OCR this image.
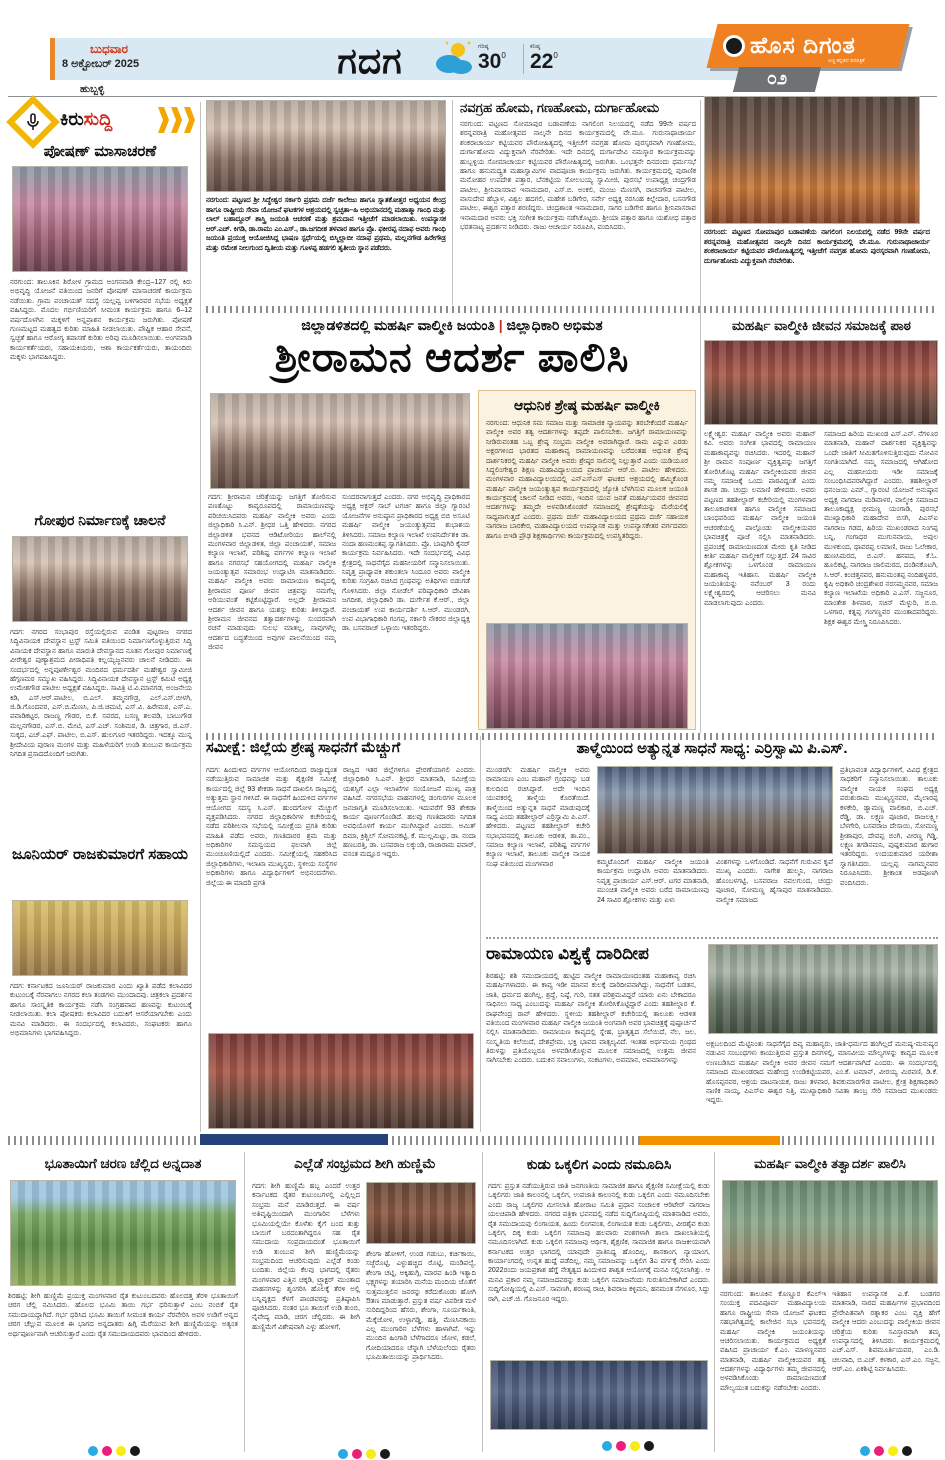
ಬುಧವಾರ
8 ಅಕ್ಟೋಬರ್ 2025
ಹುಬ್ಬಳ್ಳಿ
ಗದಗ	ಗರಿಷ್ಠ
$30^0$
ಕನಿಷ್ಠ
$22^0$	ಹೊಸ ದಿಗಂತ
ಅಚ್ಚ ಕನ್ನಡದ ದಿನಪತ್ರಿಕೆ
೦೨
ಕಿರುಸುದ್ದಿ
ಪೋಷಣ್ ಮಾಸಾಚರಣೆ
ನರಗುಂದ: ತಾಲೂಕಿನ ಶಿರೋಳ ಗ್ರಾಮದ ಅಂಗನವಾಡಿ ಕೇಂದ್ರ–127 ರಲ್ಲಿ ಕಿರು ಅಭಿವೃದ್ಧಿ ಯೋಜನೆ ವತಿಯಿಂದ ಜನರಿಗೆ ಪೋಷಣ್ ಮಾಸಾಚರಣೆ ಕಾರ್ಯಕ್ರಮ ನಡೆಯಿತು. ಗ್ರಾಮ ಪಂಚಾಯತ್ ಸದಸ್ಯೆ ಯಲ್ಲವ್ವ ಬಳಿಗಾರವರ ಸಭೆಯ ಅಧ್ಯಕ್ಷತೆ ವಹಿಸಿದ್ದರು. ಮೊದಲ ಗರ್ಭಿಣಿಯರಿಗೆ ಸೀಮಂತ ಕಾರ್ಯಕ್ರಮ ಹಾಗೂ 6–12 ವರ್ಷದೊಳಗಿನ ಮಕ್ಕಳಿಗೆ ಅನ್ನಪ್ರಾಶನ ಕಾರ್ಯಕ್ರಮ ಜರುಗಿತು. ಪೋಷಣೆ ಗುಣಮಟ್ಟದ ಮಹತ್ವದ ಕುರಿತು ಮಾಹಿತಿ ನೀಡಲಾಯಿತು. ಪೌಷ್ಟಿಕ ಆಹಾರ ಸೇವನೆ, ಸ್ವಚ್ಛತೆ ಹಾಗೂ ಆರೋಗ್ಯ ತಪಾಸಣೆ ಕುರಿತು ಅರಿವು ಮೂಡಿಸಲಾಯಿತು. ಅಂಗನವಾಡಿ ಕಾರ್ಯಕರ್ತೆಯರು, ಸಹಾಯಕಿಯರು, ಆಶಾ ಕಾರ್ಯಕರ್ತೆಯರು, ತಾಯಂದಿರು ಮಕ್ಕಳು ಭಾಗವಹಿಸಿದ್ದರು.
ಗೋಪುರ ನಿರ್ಮಾಣಕ್ಕೆ ಚಾಲನೆ
ಗದಗ: ನಗರದ ಸಂಭಾಪುರ ರಸ್ತೆಯಲ್ಲಿರುವ ಪಂಡಿತ ಪುಟ್ಟರಾಜ ನಗರದ ಸಿದ್ಧಿವಿನಾಯಕ ದೇವಸ್ಥಾನ ಟ್ರಸ್ಟ್ ಸಮಿತಿ ವತಿಯಿಂದ ನಿರ್ಮಾಣಗೊಳ್ಳುತ್ತಿರುವ ಸಿದ್ಧಿ ವಿನಾಯಕ ದೇವಸ್ಥಾನ ಹಾಗೂ ಮಾರುತಿ ದೇವಸ್ಥಾನದ ನೂತನ ಗೋಪುರ ನಿರ್ಮಾಣಕ್ಕೆ ವೀರೇಶ್ವರ ಪುಣ್ಯಾಶ್ರಮದ ಪೀಠಾಧಿಪತಿ ಕಲ್ಲಯ್ಯಜ್ಜನವರು ಚಾಲನೆ ನೀಡಿದರು. ಈ ಸಂದರ್ಭದಲ್ಲಿ ಅನ್ನಪೂರ್ಣೇಶ್ವರ ಮಂದಿರದ ಧರ್ಮದರ್ಶಿ ಮಹೇಶ್ವರ ಸ್ವಾಮೀಜಿ ಹೆಗ್ಗಣಮಠ ಸಮ್ಮುಖ ವಹಿಸಿದ್ದರು. ಸಿದ್ಧಿವಿನಾಯಕ ದೇವಸ್ಥಾನ ಟ್ರಸ್ಟ್ ಕಮಿಟಿ ಅಧ್ಯಕ್ಷ ಉಮೇಶಗೌಡ ಪಾಟೀಲ ಅಧ್ಯಕ್ಷತೆ ವಹಿಸಿದ್ದರು. ಸಾವಿತ್ರಿ ಟಿ.ವಿ.ಮಾನಗಡ, ಅಂಜನೇಯ ಕಿಡಿ, ಎಸ್.ಆರ್.ಪಾಟೀಲ, ಬಿ.ಎಲ್. ತಮ್ಮನಗೌಡ್ರ, ಎಲ್.ಎಸ್.ಬೀಳಗಿ, ಜಿ.ಡಿ.ಗೊಂದವರ, ಎಸ್.ಬಿ.ಮೆಣಸಿ, ಪಿ.ಜಿ.ಚಿಮಟಿ, ಎಸ್.ವಿ. ಹಿರೇಮಠ, ಎಸ್.ಎ. ಪವಾಡಿಕಟ್ಟರ, ರಾಜಣ್ಣ ಗೌಡರ, ಬಿ.ಕೆ. ಸವರದ, ಬಸಣ್ಣ ಶಲವಡಿ, ಬಾಬುಗೌಡ ಮಲ್ಲನಗೌಡರ, ಎಸ್.ಬಿ. ಮೇಟಿ, ಎಸ್.ಎಚ್. ಸಂಶಿಮಠ, ಡಿ. ಚಿತ್ರಗಾರ, ಜಿ.ಎಸ್. ಸುಕ್ಕದ, ಎಚ್.ಎಫ್. ಪಾಟೀಲ, ಬಿ.ಎಸ್. ಹುಲಗೂರ ಇತರರಿದ್ದರು. ಇದಕ್ಕೂ ಮುನ್ನ ಶ್ರೀದೇವಿಯ ಪುರಾಣ ಮಂಗಳ ಮತ್ತು ಮಹಿಳೆಯರಿಗೆ ಉಂಡಿ ತುಂಬುವ ಕಾರ್ಯಕ್ರಮ ನಿಗದಿತ ಪ್ರಸಾದದೊಂದಿಗೆ ಜರುಗಿತು.
ಜೂನಿಯರ್ ರಾಜಕುಮಾರಗೆ ಸಹಾಯ
ಗದಗ: ಕರ್ನಾಟಕದ ಜೂನಿಯರ್ ರಾಜಕುಮಾರ ಎಂದು ಖ್ಯಾತಿ ಪಡೆದ ಕಲಾವಿದರ ಕುಟುಂಬಕ್ಕೆ ನೆರವಾಗಲು ನಗರದ ಕಲಾ ತಂಡಗಳು ಮುಂದಾದವು. ಚಿತ್ರಕಲಾ ಪ್ರದರ್ಶನ ಹಾಗೂ ಸಾಂಸ್ಕೃತಿಕ ಕಾರ್ಯಕ್ರಮ ನಡೆಸಿ ಸಂಗ್ರಹವಾದ ಹಣವನ್ನು ಕುಟುಂಬಕ್ಕೆ ನೀಡಲಾಯಿತು. ಕಲಾ ಪೋಷಕರು ಕಲಾವಿದರ ಬದುಕಿಗೆ ಆಸರೆಯಾಗಬೇಕು ಎಂದು ಮನವಿ ಮಾಡಿದರು. ಈ ಸಂದರ್ಭದಲ್ಲಿ ಕಲಾವಿದರು, ಸಂಘಟಕರು ಹಾಗೂ ಅಭಿಮಾನಿಗಳು ಭಾಗವಹಿಸಿದ್ದರು.
ನರಗುಂದ: ಪಟ್ಟಣದ ಶ್ರೀ ಸಿದ್ಧೇಶ್ವರ ಸರ್ಕಾರಿ ಪ್ರಥಮ ದರ್ಜೆ ಕಾಲೇಜು ಹಾಗೂ ಸ್ನಾತಕೋತ್ತರ ಅಧ್ಯಯನ ಕೇಂದ್ರ ಹಾಗೂ ರಾಷ್ಟ್ರೀಯ ಸೇವಾ ಯೋಜನೆ ಘಟಕಗಳ ಆಶ್ರಯದಲ್ಲಿ ಸ್ವಚ್ಛತಾ–ಹಿ ಅಭಿಯಾನದಲ್ಲಿ ಮಹಾತ್ಮಾ ಗಾಂಧಿ ಮತ್ತು ಲಾಲ್ ಬಹಾದ್ದೂರ್ ಶಾಸ್ತ್ರಿ ಜಯಂತಿ ಆಚರಣೆ ಮತ್ತು ಶ್ರಮದಾನ ಇತ್ತೀಚೆಗೆ ಮಾಡಲಾಯಿತು. ಉಪನ್ಯಾಸಕ ಆರ್.ಎಚ್. ಕಿಗಡಿ, ಡಾ.ರಾಮು ಎಂ.ಎಸ್., ಡಾ.ಜಗದೀಶ ತಳವಾರ ಹಾಗೂ ಪ್ರೊ. ಫಕೀರಪ್ಪ ನದಾಫ ಅವರು ಗಾಂಧಿ ಜಯಂತಿ ಪ್ರಯುಕ್ತ ಆಯೋಜಿಸಿದ್ದ ಭಾಷಣ ಸ್ಪರ್ಧೆಯಲ್ಲಿ ಬಿಸ್ಮಿಲ್ಲಾಬೀ ನದಾಫ ಪ್ರಥಮ, ಮಲ್ಲನಗೌಡ ಹಿರೇಗೌಡ್ರ ಮತ್ತು ರಮೇಶ ನೀಲಗುಂದ ದ್ವಿತೀಯ ಮತ್ತು ಗೂಳಪ್ಪ ಹಡಗಲಿ ತೃತೀಯ ಸ್ಥಾನ ಪಡೆದರು.
ನವಗ್ರಹ ಹೋಮ, ಗಣಹೋಮ, ದುರ್ಗಾಹೋಮ
ನರಗುಂದ: ಪಟ್ಟಣದ ಸೋಮಾಪುರ ಬಡಾವಣೆಯ ನಾಗಲಿಂಗ ನಿಲಯದಲ್ಲಿ ನಡೆದ 99ನೇ ವರ್ಷದ ಶರನ್ನವರಾತ್ರಿ ಮಹೋತ್ಸವದ ನಾಲ್ಕನೇ ದಿನದ ಕಾರ್ಯಕ್ರಮದಲ್ಲಿ ವೇ.ಮೂ. ಗುರುನಾಥಾಚಾರ್ಯ ಶಂಕರಾಚಾರ್ಯ ಕಟ್ಟಿಯವರ ಪೌರೋಹಿತ್ಯದಲ್ಲಿ ಇತ್ತೀಚೆಗೆ ನವಗ್ರಹ ಹೋಮ ಪುರಸ್ಕರವಾಗಿ ಗಣಹೋಮ, ದುರ್ಗಾಹೋಮ ವಿದ್ಯುಕ್ತವಾಗಿ ನೆರವೇರಿತು. ಇದೇ ದಿನದಲ್ಲಿ ದುರ್ಗಾದೇವಿ ನಮಸ್ಕಾರ ಕಾರ್ಯಕ್ರಮವನ್ನು ಹುಬ್ಬಳ್ಳಿಯ ಸೋಮಾಚಾರ್ಯ ಕಟ್ಟಿಯವರ ಪೌರೋಹಿತ್ಯದಲ್ಲಿ ಜರುಗಿತು. ಒಂಭತ್ತನೇ ದಿನದಂದು ಧರ್ಮಸಭೆ ಹಾಗೂ ಹನುಮದ್ವ್ರತ ಮಹಾಸ್ವಾಮಿಗಳ ವಾದಪೂಜಾ ಕಾರ್ಯಕ್ರಮ ಜರುಗಿತು. ಕಾರ್ಯಕ್ರಮದಲ್ಲಿ ಪುರಾಣಿಕ ಮನೋಹರ ಉಪದೇಶ ಪತ್ತಾರ, ಬೆನಕಟ್ಟಿಯ ಸೋಲಬಯ್ಯ ಸ್ವಾಮೀಜಿ, ಪುರಸಭೆ ಉಪಾಧ್ಯಕ್ಷ ಚಂದ್ರಗೌಡ ಪಾಟೀಲ, ಶ್ರೀನಿವಾಸರಾವ ಇನಾಮದಾರ, ಎಸ್.ಬಿ. ಅಂಕಲಿ, ಮಂಜು ಮೆಣಸಗಿ, ರಾಚನಗೌಡ ಪಾಟೀಲ, ವಾಸುದೇವ ಹೆಬ್ಬಾಳ, ವಿಶ್ವಲ ಹದಗಲಿ, ಮಹೇಶ ಬಡಿಗೇರ, ಸರ್ವೇ ಅಧ್ಯಕ್ಷ ನರಸಿಂಹ ಕಿಲ್ಲೇದಾರ, ಬಸನಗೌಡ ಪಾಟೀಲ, ಈಶ್ವರ ಪತ್ತಾರ ಶರಣಿದ್ದರು. ಚಂದ್ರಶಾಂತ ಇನಾಮದಾರ, ಸಾಗರ ಬಡಿಗೇರ ಹಾಗೂ ಶ್ರೀನಿವಾಸರಾವ ಇನಾಮದಾರ ಅವರು ಭಕ್ತಿ ಸಂಗೀತ ಕಾರ್ಯಕ್ರಮ ನಡೆಸಿಕೊಟ್ಟರು. ಶ್ರೀಯಾ ಪತ್ತಾರ ಹಾಗೂ ಯಶೋಧ ಪತ್ತಾರ ಭರತನಾಟ್ಯ ಪ್ರದರ್ಶನ ನೀಡಿದರು. ರಾಜು ಆಚಾರ್ಯ ನಿರೂಪಿಸಿ, ವಂದಿಸಿದರು.
ನರಗುಂದ: ಪಟ್ಟಣದ ಸೋಮಾಪುರ ಬಡಾವಣೆಯ ನಾಗಲಿಂಗ ನಿಲಯದಲ್ಲಿ ನಡೆದ 99ನೇ ವರ್ಷದ ಶರನ್ನವರಾತ್ರಿ ಮಹೋತ್ಸವದ ನಾಲ್ಕನೇ ದಿನದ ಕಾರ್ಯಕ್ರಮದಲ್ಲಿ ವೇ.ಮೂ. ಗುರುನಾಥಾಚಾರ್ಯ ಶಂಕರಾಚಾರ್ಯ ಕಟ್ಟಿಯವರ ಪೌರೋಹಿತ್ಯದಲ್ಲಿ ಇತ್ತೀಚೆಗೆ ನವಗ್ರಹ ಹೋಮ ಪುರಸ್ಕರವಾಗಿ ಗಣಹೋಮ, ದುರ್ಗಾಹೋಮ ವಿದ್ಯುಕ್ತವಾಗಿ ನೆರವೇರಿತು.
ಜಿಲ್ಲಾಡಳಿತದಲ್ಲಿ ಮಹರ್ಷಿ ವಾಲ್ಮೀಕಿ ಜಯಂತಿ | ಜಿಲ್ಲಾಧಿಕಾರಿ ಅಭಿಮತ
ಶ್ರೀರಾಮನ ಆದರ್ಶ ಪಾಲಿಸಿ
ಗದಗ: ಶ್ರೀರಾಮನ ಚರಿತ್ರೆಯನ್ನು ಜಗತ್ತಿಗೆ ತೋರಿಸುವ ಪಣತೊಟ್ಟು ಕಾವ್ಯರೂಪದಲ್ಲಿ ರಾಮಾಯಣವನ್ನು ಪರಿಚಯಿಸಿದವರು ಮಹರ್ಷಿ ವಾಲ್ಮೀಕಿ ಅವರು ಎಂದು ಜಿಲ್ಲಾಧಿಕಾರಿ ಸಿ.ಎನ್. ಶ್ರೀಧರ ಒತ್ತಿ ಹೇಳಿದರು. ನಗರದ ಜಿಲ್ಲಾಡಳಿತ ಭವನದ ಆಡಿಟೋರಿಯಂ ಹಾಲ್‌ನಲ್ಲಿ ಮಂಗಳವಾರ ಜಿಲ್ಲಾಡಳಿತ, ಜಿಲ್ಲಾ ಪಂಚಾಯತ್, ಸಮಾಜ ಕಲ್ಯಾಣ ಇಲಾಖೆ, ಪರಿಶಿಷ್ಟ ವರ್ಗಗಳ ಕಲ್ಯಾಣ ಇಲಾಖೆ ಹಾಗೂ ನಗರಸಭೆ ಸಹಯೋಗದಲ್ಲಿ ಮಹರ್ಷಿ ವಾಲ್ಮೀಕಿ ಜಯಂತ್ಯುತ್ಸವ ಸಮಾರಂಭ ಉದ್ಘಾಟಿಸಿ ಮಾತನಾಡಿದರು. ಮಹರ್ಷಿ ವಾಲ್ಮೀಕಿ ಅವರು ರಾಮಾಯಣ ಕಾವ್ಯದಲ್ಲಿ ಶ್ರೀರಾಮನ ಪೂರ್ಣ ಜೀವನ ಚಿತ್ರವನ್ನು ನಮಗೆಲ್ಲ ಅರಿಯುವಂತೆ ಕಟ್ಟಿಕೊಟ್ಟಿದ್ದಾರೆ. ಅಲ್ಲದೇ ಶ್ರೀರಾಮನ ಆದರ್ಶ ಜೀವನ ಹಾಗೂ ಯಶಸ್ಸು ಕುರಿತು ತಿಳಿಸಿದ್ದಾರೆ. ಶ್ರೀರಾಮನ ಜೀವನದ ತತ್ವಾದರ್ಶಗಳನ್ನು ಸುಂದರವಾಗಿ ರಚನೆ ಮಾಡುವುದು ಸುಲಭ ಮಾತಲ್ಲ, ನಾವುಗಳೆಲ್ಲ ಆದರ್ಶದ ಬದ್ಧತೆಯಿಂದ ಅವುಗಳ ಪಾಲನೆಯಿಂದ ನಮ್ಮ ಜೀವನ
ಸುಂದರವಾಗುತ್ತದೆ ಎಂದರು. ನಗರ ಅಭಿವೃದ್ಧಿ ಪ್ರಾಧಿಕಾರದ ಅಧ್ಯಕ್ಷ ಅಕ್ಬರ್ ಸಾಬ್ ಟಗರ್ಚಿ ಹಾಗೂ ಜಿಲ್ಲಾ ಗ್ಯಾರಂಟಿ ಯೋಜನೆಗಳ ಅನುಷ್ಠಾನ ಪ್ರಾಧಿಕಾರದ ಅಧ್ಯಕ್ಷ ಬಿಬಿ ಅಸೂಟಿ ಮಹರ್ಷಿ ವಾಲ್ಮೀಕಿ ಜಯಂತ್ಯುತ್ಸವದ ಶುಭಾಶಯ ತಿಳಿಸಿದರು. ಸಮಾಜ ಕಲ್ಯಾಣ ಇಲಾಖೆ ಉಪನಿರ್ದೇಶಕಿ ಡಾ. ನಂದಾ ಹಣಮಂತಪ್ಪ ಸ್ವಾಗತಿಸಿದರು. ಪ್ರೊ. ಬಾಪುಗಿರಿ ಕೈನರ್ ಕಾರ್ಯಕ್ರಮ ನಿರ್ವಹಿಸಿದರು. ಇದೇ ಸಂದರ್ಭದಲ್ಲಿ ವಿವಿಧ ಕ್ಷೇತ್ರದಲ್ಲಿ ಸಾಧನೆಗೈದ ಮಹನೀಯರಿಗೆ ಸನ್ಮಾನಿಸಲಾಯಿತು. ನಿವೃತ್ತ ಪ್ರಾಧ್ಯಾಪಕಿ ಶಕುಂತಲಾ ಸಿಂದೂರ ಅವರು ವಾಲ್ಮೀಕಿ ಕುರಿತು ಸಂಗ್ರಹಿಸಿ ರಚಿಸಿದ ಗ್ರಂಥವನ್ನು ಅತಿಥಿಗಳು ಬಿಡುಗಡೆ ಗೊಳಿಸಿದರು. ಜಿಲ್ಲಾ ನೋಡೆಲ್ ಪರಿಷ್ಕಾಧಿಕಾರಿ ದೇವಿಶಾ ಜಗದೀಶ, ಜಿಲ್ಲಾಧಿಕಾರಿ ಡಾ. ದುರ್ಗೇಶ ಕೆ.ಆರ್., ಜಿಲ್ಲಾ ಪಂಚಾಯತ್ ಉಪ ಕಾರ್ಯದರ್ಶಿ ಸಿ.ಆರ್. ಮುಂಡರಗಿ, ಉಪ ವಿಭಾಗಾಧಿಕಾರಿ ಗಂಗಪ್ಪ, ಸರ್ಕಾರಿ ನೌಕರರ ಜಿಲ್ಲಾಧ್ಯಕ್ಷ ಡಾ. ಬಸವರಾಜ್ ಒಳ್ಳಾಯಿ ಇತರರಿದ್ದರು.
ಆಧುನಿಕ ಶ್ರೇಷ್ಠ ಮಹರ್ಷಿ ವಾಲ್ಮೀಕಿ
ನರಗುಂದ: ಆಧುನಿಕ ಸಮ ಸಮಾಜ ಮತ್ತು ಸಾಮಾಜಿಕ ನ್ಯಾಯವನ್ನು ತರಬೇಕೆಂದರೆ ಮಹರ್ಷಿ ವಾಲ್ಮೀಕಿ ಅವರ ತತ್ವ ಆದರ್ಶಗಳನ್ನು ತಪ್ಪದೇ ಪಾಲಿಸಬೇಕು. ಜಗತ್ತಿಗೆ ರಾಮಾಯಣವನ್ನು ನೀಡಿರುವಂತಹ ಒಬ್ಬ ಶ್ರೇಷ್ಠ ಸಂಭ್ರಮ ವಾಲ್ಮೀಕಿ ಅವರಾಗಿದ್ದಾರೆ. ರಾಮ ಎನ್ನುವ ಎರಡು ಅಕ್ಷರಗಳಿಂದ ಭಾರತದ ಮಹಾಕಾವ್ಯ ರಾಮಾಯಣವನ್ನು ಬರೆದಂತಹ ಆಧುನಿಕ ಶ್ರೇಷ್ಠ ದಾರ್ಶನಿಕರಲ್ಲಿ ಮಹರ್ಷಿ ವಾಲ್ಮೀಕಿ ಅವರು ಶ್ರೇಷ್ಠರ ಸಾಲಿನಲ್ಲಿ ನಿಲ್ಲುತ್ತಾರೆ ಎಂದು ಯಡಿಯೂರ ಸಿದ್ಧಲಿಂಗೇಶ್ವರ ಶಿಕ್ಷಣ ಮಹಾವಿದ್ಯಾಲಯದ ಪ್ರಾಚಾರ್ಯ ಆರ್.ಬಿ. ಪಾಟೀಲ ಹೇಳಿದರು. ಮಂಗಳವಾರ ಮಹಾವಿದ್ಯಾಲಯದಲ್ಲಿ ಎನ್‌ಎಸ್‌ಎಸ್ ಘಟಕದ ಆಶ್ರಯದಲ್ಲಿ ಹಮ್ಮಿಕೊಂಡ ಮಹರ್ಷಿ ವಾಲ್ಮೀಕಿ ಜಯಂತ್ಯುತ್ಸವ ಕಾರ್ಯಕ್ರಮದಲ್ಲಿ ಜ್ಯೋತಿ ಬೆಳಗಿಸುವ ಮೂಲಕ ಜಯಂತಿ ಕಾರ್ಯಕ್ರಮಕ್ಕೆ ಚಾಲನೆ ನೀಡಿದ ಅವರು, ಇಂದಿನ ಯುವ ಜನತೆ ಮಹರ್ಷಿಯವರ ಜೀವನದ ಆದರ್ಶಗಳನ್ನು ತಮ್ಮದೇ ಅಳವಡಿಸಿಕೊಂಡರೆ ಸಮಾಜದಲ್ಲಿ ಶ್ರೇಷ್ಠತೆಯನ್ನು ಮೆರೆಯಲಿಕ್ಕೆ ಸಾಧ್ಯವಾಗುತ್ತದೆ ಎಂದರು. ಪ್ರಥಮ ದರ್ಜೆ ಮಹಾವಿದ್ಯಾಲಯದ ಪ್ರಥಮ ದರ್ಜೆ ಸಹಾಯಕ ನಾಗರಾಜ ಬಾರಕೇರ, ಮಹಾವಿದ್ಯಾಲಯದ ಉಪನ್ಯಾಸಕ ಮತ್ತು ಉಪನ್ಯಾಸಕೇತರ ವರ್ಗದವರು ಹಾಗೂ ಬಿಇಡಿ ಪ್ರೌಢ ಶಿಕ್ಷಣಾರ್ಥಿಗಳು ಕಾರ್ಯಕ್ರಮದಲ್ಲಿ ಉಪಸ್ಥಿತರಿದ್ದರು.
ಮಹರ್ಷಿ ವಾಲ್ಮೀಕಿ ಜೀವನ ಸಮಾಜಕ್ಕೆ ಪಾಠ
ಲಕ್ಷ್ಮೇಶ್ವರ: ಮಹರ್ಷಿ ವಾಲ್ಮೀಕಿ ಅವರು ಮಹಾನ್ ಕವಿ. ಅವರು ಸಂಗೀತ ಭಾವದಲ್ಲಿ ರಾಮಾಯಣ ಮಹಾಕಾವ್ಯವನ್ನು ರಚಿಸಿದರು. ಇದರಲ್ಲಿ ಮಹಾನ್ ಶ್ರೀ ರಾಮನ ಸಂಪೂರ್ಣ ವ್ಯಕ್ತಿತ್ವವನ್ನು ಜಗತ್ತಿಗೆ ತೋರಿಸಿಕೊಟ್ಟ ಮಹರ್ಷಿ ವಾಲ್ಮೀಕಿಯವರ ಜೀವನ ನಮ್ಮ ಸಮಾಜಕ್ಕೆ ಒಂದು ಪಾಠವಿದ್ದಂತೆ ಎಂದು ಶಾಸಕ ಡಾ. ಚಂದ್ರು ಲಮಾಣಿ ಹೇಳಿದರು. ಅವರು ಪಟ್ಟಣದ ತಹಶೀಲ್ದಾರ್ ಕಚೇರಿಯಲ್ಲಿ ಮಂಗಳವಾರ ತಾಲೂಕಾಡಳಿತ ಹಾಗೂ ವಾಲ್ಮೀಕಿ ಸಮಾಜದ ಬಾಂಧವರಿಂದ ಮಹರ್ಷಿ ವಾಲ್ಮೀಕಿ ಜಯಂತಿ ಆಚರಣೆಯಲ್ಲಿ ಪಾಲ್ಗೊಂಡು ವಾಲ್ಮೀಕಿಯವರ ಭಾವಚಿತ್ರಕ್ಕೆ ಪೂಜೆ ಸಲ್ಲಿಸಿ ಮಾತನಾಡಿದರು. ಪ್ರಪಂಚಕ್ಕೆ ರಾಮಾಯಣದಂತ ಮೇರು ಕೃತಿ ನೀಡಿದ ಕೀರ್ತಿ ಮಹರ್ಷಿ ವಾಲ್ಮೀಕಿಗೆ ಸಲ್ಲುತ್ತದೆ. 24 ಸಾವಿರ ಶ್ಲೋಕಗಳನ್ನು ಒಳಗೊಂಡ ರಾಮಾಯಣ ಮಹಾಕಾವ್ಯ ಇತಿಹಾಸ. ಮಹರ್ಷಿ ವಾಲ್ಮೀಕಿ ಜಯಂತಿಯನ್ನು ನವೆಂಬರ್ 3 ರಂದು ಲಕ್ಷ್ಮೇಶ್ವರದಲ್ಲಿ ಆಚರಿಸಲು ಮನವಿ ಮಾಡಲಾಗುವುದು ಎಂದರು.
ಸಮಾಜದ ಹಿರಿಯ ಮುಖಂಡ ಎಸ್.ಎನ್. ನೆಗಳೂರ ಮಾತನಾಡಿ, ಮಹಾನ್ ದಾರ್ಶನಿಕರ ವ್ಯಕ್ತಿತ್ವವನ್ನು ಒಂದೇ ಜಾತಿಗೆ ಸೀಮಿತಗೊಳಿಸುತ್ತಿರುವುದು ನೋವಿನ ಸಂಗತಿಯಾಗಿದೆ. ನಮ್ಮ ಸಮಾಜದಲ್ಲಿ ಆಗಿಹೋದ ಎಲ್ಲ ಮಹನೀಯರು ಇಡೀ ಸಮಾಜಕ್ಕೆ ಸಂಬಂಧಿಸಿದವರಾಗಿದ್ದಾರೆ ಎಂದರು. ತಹಶೀಲ್ದಾರ್ ಧನಂಜಯ ಎಮ್., ಗ್ಯಾರಂಟಿ ಯೋಜನೆ ಅನುಷ್ಠಾನ ಅಧ್ಯಕ್ಷ ನಾಗರಾಜ ಮಡಿವಾಳರ, ವಾಲ್ಮೀಕಿ ಸಮಾಜದ ತಾಲೂಕಾಧ್ಯಕ್ಷ ಭೀಮಣ್ಣ ಯಂಗಾಡಿ, ಪುರಸಭೆ ಮುಖ್ಯಾಧಿಕಾರಿ ಮಹಾದೇವ ಬಿಸಗಿ, ಪಿಎಸ್ಐ ನಾಗರಾಜ ಗಡದ, ಹಿರಿಯ ಮುಖಂಡರಾದ ನಿಂಗಪ್ಪ ಬನ್ನಿ, ಗಂಗಾಧರ ಮುಗುನವಾಯ, ಅಪುಲ ಮುಳಕುಂದ, ಥಾವರಪ್ಪ ಲಮಾಣಿ, ರಾಜು ಓಲೇಕಾರ, ಹುಣಸಿಮರದ, ಬಿ.ಎಸ್. ಹನಪದ, ಕೆ.ಓ. ಹೂಲಿಕಟ್ಟಿ, ನಾಗರಾಜ ಜಾಲಿಮರದ, ದಂಡಿನಕೊಟಗಿ, ಸಿ.ಆರ್. ಕಿಂಚತ್ತನವರ, ಹನುಮಂತಪ್ಪ ನಂದಿಹಳ್ಳವರ, ಕೃಷಿ ಅಧಿಕಾರಿ ಚಂದ್ರಶೇಖರ ನರಸಮ್ಮನವರ, ಸಮಾಜ ಕಲ್ಯಾಣ ಇಲಾಖೆಯ ಅಧಿಕಾರಿ ಎ.ಎಸ್. ಸಜ್ಜನೂರ, ಮಾಂತೇಶ ಶಿಳವಾರ, ಸಚಿನ್ ಮೆಳ್ಳುರಿ, ಬಿ.ಬಿ. ಒಳಗಾರ, ಕತ್ನಪ್ಪ ಗಂಗಣ್ಣವರ ಮುಂತಾದವರಿದ್ದರು. ಶಿಕ್ಷಕ ಈಶ್ವರ ಮೇಸ್ತ್ರಿ ನಿರೂಪಿಸಿದರು.
ಸಮೀಕ್ಷೆ: ಜಿಲ್ಲೆಯ ಶ್ರೇಷ್ಠ ಸಾಧನೆಗೆ ಮೆಚ್ಚುಗೆ
ಗದಗ: ಹಿಂದುಳಿದ ವರ್ಗಗಳ ಆಯೋಗದಿಂದ ರಾಜ್ಯಾದ್ಯಂತ ನಡೆಯುತ್ತಿರುವ ಸಾಮಾಜಿಕ ಮತ್ತು ಶೈಕ್ಷಣಿಕ ಸಮೀಕ್ಷೆ ಕಾರ್ಯದಲ್ಲಿ ಜಿಲ್ಲೆ 93 ಶೇಕಡಾ ಸಾಧನೆ ದಾಖಲಿಸಿ ರಾಜ್ಯದಲ್ಲಿ ಅತ್ಯುತ್ತಮ ಸ್ಥಾನ ಗಳಿಸಿದೆ. ಈ ಸಾಧನೆಗೆ ಹಿಂದುಳಿದ ವರ್ಗಗಳ ಆಯೋಗದ ಸದಸ್ಯ ಸಿ.ಎಸ್. ಹುಂದಗೋಳ ಮೆಚ್ಚುಗೆ ವ್ಯಕ್ತಪಡಿಸಿದರು. ನಗರದ ಜಿಲ್ಲಾಧಿಕಾರಿಗಳ ಕಚೇರಿಯಲ್ಲಿ ನಡೆದ ಪರಿಶೀಲನಾ ಸಭೆಯಲ್ಲಿ ಸಮೀಕ್ಷೆಯ ಪ್ರಗತಿ ಕುರಿತು ಮಾಹಿತಿ ಪಡೆದ ಅವರು, ಗಣತಿದಾರರ ಶ್ರಮ ಮತ್ತು ಅಧಿಕಾರಿಗಳ ಸಮನ್ವಯದ ಫಲವಾಗಿ ಜಿಲ್ಲೆ ಮುಂಚೂಣಿಯಲ್ಲಿದೆ ಎಂದರು. ಸಮೀಕ್ಷೆಯಲ್ಲಿ ಸಹಕರಿಸಿದ ಜಿಲ್ಲಾಧಿಕಾರಿಗಳು, ಇಲಾಖಾ ಮುಖ್ಯಸ್ಥರು, ಸ್ಥಳೀಯ ಸಂಸ್ಥೆಗಳ ಅಧಿಕಾರಿಗಳು ಹಾಗೂ ವಿದ್ಯಾರ್ಥಿಗಳಿಗೆ ಅಭಿನಂದನೆಗಳು. ಜಿಲ್ಲೆಯ ಈ ಮಾದರಿ ಪ್ರಗತಿ
ರಾಜ್ಯದ ಇತರ ಜಿಲ್ಲೆಗಳಿಗೂ ಪ್ರೇರಣೆಯಾಗಲಿ ಎಂದರು. ಜಿಲ್ಲಾಧಿಕಾರಿ ಸಿ.ಎನ್. ಶ್ರೀಧರ ಮಾತನಾಡಿ, ಸಮೀಕ್ಷೆಯ ಯಶಸ್ಸಿಗೆ ಎಲ್ಲಾ ಇಲಾಖೆಗಳ ಸಂಯೋಜನೆ ಮುಖ್ಯ ಪಾತ್ರ ವಹಿಸಿದೆ. ನಗರಸಭೆಯ ವಾಹನಗಳಲ್ಲಿ ಡಂಗುರಗಳ ಮೂಲಕ ಜನಜಾಗೃತಿ ಮೂಡಿಸಲಾಯಿತು. ಇದುವರೆಗೆ 93 ಶೇಕಡಾ ಕಾರ್ಯ ಪೂರ್ಣಗೊಂಡಿದೆ. ಹಲವು ಗಣತಿದಾರರು ನಿಗದಿತ ಅವಧಿಯೊಳಗೆ ಕಾರ್ಯ ಮುಗಿಸಿದ್ದಾರೆ ಎಂದರು. ಅಮಿತ್ ದಿಮಾ, ಕ್ರಿಶ್ಚಿಲ್ ಸೋಮನಕಟ್ಟಿ, ಕೆ. ಮುಲ್ಲಮಿಟ್ಟು, ಡಾ. ನಂದಾ ಹಣಬರತ್ತಿ, ಡಾ. ಬಸವರಾಜ ಲಕ್ಕುಂಡಿ, ರಾಜಾರಾಮ ಪವಾರ್, ವಸಂತ ಮದ್ಲೂರ ಇದ್ದರು.
ತಾಳ್ಮೆಯಿಂದ ಅತ್ಯುನ್ನತ ಸಾಧನೆ ಸಾಧ್ಯ: ಎರ್ರಿಸ್ವಾಮಿ ಪಿ.ಎಸ್.
ಮುಂಡರಗಿ: ಮಹರ್ಷಿ ವಾಲ್ಮೀಕಿ ಅವರು ರಾಮಾಯಣ ಎಂಬ ಮಹಾನ್ ಗ್ರಂಥವನ್ನು ಬಡ ಕುಲದಿಂದ ರಚಿಸಿದ್ದಾರೆ. ಅದೇ ಇಂದಿನ ಯುವಕರಲ್ಲಿ ತಾಳ್ಮೆಯ ಕೊರತೆಯಿದೆ. ತಾಳ್ಮೆಯಿಂದ ಅತ್ಯುನ್ನತ ಸಾಧನೆ ಮಾಡುವುದಕ್ಕೆ ಸಾಧ್ಯ ಎಂದು ತಹಶೀಲ್ದಾರ್ ಎರ್ರಿಸ್ವಾಮಿ ಪಿ.ಎಸ್. ಹೇಳಿದರು. ಪಟ್ಟಣದ ತಹಶೀಲ್ದಾರ್ ಕಚೇರಿ ಸಭಾಭವನದಲ್ಲಿ ತಾಲೂಕು ಆಡಳಿತ, ತಾ.ಪಂ., ಸಮಾಜ ಕಲ್ಯಾಣ ಇಲಾಖೆ, ಪರಿಶಿಷ್ಟ ವರ್ಗಗಳ ಕಲ್ಯಾಣ ಇಲಾಖೆ, ತಾಲೂಕು ವಾಲ್ಮೀಕಿ ನಾಯಕ ಸಂಘ ವತಿಯಿಂದ ಮಂಗಳವಾರ	ಕಮ್ಮಟೊಂದಿಗೆ ಮಹರ್ಷಿ ವಾಲ್ಮೀಕಿ ಜಯಂತಿ ಕಾರ್ಯಕ್ರಮ ಉದ್ಘಾಟಿಸಿ ಅವರು ಮಾತನಾಡಿದರು. ನಿವೃತ್ತ ಪ್ರಾಚಾರ್ಯ ಎಸ್.ಆರ್. ಟಗರ ಮಾತನಾಡಿ, ಮುಂಚಿತ ವಾಲ್ಮೀಕಿ ಅವರು ಬರೆದ ರಾಮಾಯಣವು 24 ಸಾವಿರ ಶ್ಲೋಕಗಳು ಮತ್ತು ಏಳು
ವಿಂಶಗಳನ್ನು ಒಳಗೊಂಡಿದೆ. ಸಾಧನೆಗೆ ಗುರುವಿನ ಕೃಪೆ ಮುಖ್ಯ ಎಂದರು. ನಾಗೇಶ ಹುಲ್ಮನಿ, ನಾಗರಾಜ ಹೊಂಬಳಗಟ್ಟಿ, ಬಸವರಾಜ ನವಲಗುಂದ, ಚಂದ್ರು ಪೂಜಾರ, ಸೋಮಣ್ಣ ಹೈಸಾಪುರ ಮಾತನಾಡಿದರು. ವಾಲ್ಮೀಕಿ ಸಮಾಜದ
ಪ್ರತಿಭಾವಂತ ವಿದ್ಯಾರ್ಥಿಗಳಿಗೆ, ವಿವಿಧ ಕ್ಷೇತ್ರದ ಸಾಧಕರಿಗೆ ಸನ್ಮಾನಿಸಲಾಯಿತು. ತಾಲೂಕು ವಾಲ್ಮೀಕಿ ನಾಯಕ ಸಂಘದ ಅಧ್ಯಕ್ಷ ಪರುಶುರಾಮ ಮುಖ್ಯಸ್ಥನವರ, ಮೈಲಾರಪ್ಪ ಕಳಕೇರಿ, ಡ್ಯಾಮಣ್ಣ ವಾಲಿಕಾರ, ಬಿ.ಎಚ್. ರೆಡ್ಡಿ, ಡಾ. ಲಕ್ಷ್ಮಣ ಪೂಜಾರ, ರಾಜಲಕ್ಷ್ಮೀ ಬೆಳಗೇರಿ, ಬಸವರಾಜ ದೇಸಾಯಿ, ಸೋಮಣ್ಣ ಶ್ರೀಶಾಪುರ, ದೇವಪ್ಪ ಬಿಂಗಿ, ವೀರಣ್ಣ ಗಿಡ್ಡಿ, ಲಕ್ಷ್ಮಣ ತಗಡಿನಮನಿ, ಪುಷ್ಪಕುಮಾರ ಹುಗಾರ ಇತರರಿದ್ದರು. ಉದಯಕುಮಾರ ಯರೀಶಾ ಸ್ವಾಗತಿಸಿದರು. ಯಲ್ಲಪ್ಪ ನಾಗಮ್ಮನವರ ನಿರೂಪಿಸಿದರು. ಶ್ರೀಕಾಂತ ಅಡಪೂಣಗಿ ವಂದಿಸಿದರು.
ರಾಮಾಯಣ ವಿಶ್ವಕ್ಕೆ ದಾರಿದೀಪ
ಶಿರಹಟ್ಟಿ: ಶಶಿ ಸಮುದಾಯದಲ್ಲಿ ಹುಟ್ಟಿದ ವಾಲ್ಮೀಕಿ ರಾಮಾಯಣದಂತಹ ಮಹಾಕಾವ್ಯ ರಚಿಸಿ ಮಹರ್ಷಿಗಳಾದರು. ಈ ಕಾವ್ಯ ಇಡೀ ಮಾನವ ಕುಲಕ್ಕೆ ದಾರಿದೀಪವಾಗಿದ್ದು, ಸಾಧನೆಗೆ ಬಡತನ, ಜಾತಿ, ಧರ್ಮದ ಹಂಗಿಲ್ಲ, ಶ್ರದ್ಧೆ, ನಿಷ್ಠೆ, ಗುರಿ, ಸತತ ಪರಿಶ್ರಮವಿದ್ದರೆ ಯಾರು ಏನು ಬೇಕಾದರೂ ಸಾಧಿಸಲು ಸಾಧ್ಯ ಎಂಬುದನ್ನು ಮಹರ್ಷಿ ವಾಲ್ಮೀಕಿ ತೋರಿಸಿಕೊಟ್ಟಿದ್ದಾರೆ ಎಂದು ತಹಶೀಲ್ದಾರ ಕೆ. ರಾಘವೇಂದ್ರ ರಾವ್ ಹೇಳಿದರು. ಸ್ಥಳೀಯ ತಹಶೀಲ್ದಾರ್ ಕಚೇರಿಯಲ್ಲಿ ತಾಲೂಕು ಆಡಳಿತ ವತಿಯಿಂದ ಮಂಗಳವಾರ ಮಹರ್ಷಿ ವಾಲ್ಮೀಕಿ ಜಯಂತಿ ಅಂಗವಾಗಿ ಅವರ ಭಾವಚಿತ್ರಕ್ಕೆ ಪುಷ್ಪಾರ್ಚನೆ ಸಲ್ಲಿಸಿ ಮಾತನಾಡಿದರು. ರಾಮಾಯಣ ಕಾವ್ಯದಲ್ಲಿ ಸ್ನೇಹ, ಭ್ರಾತೃತ್ವದ ಸೆಲೆಯಿದೆ, ನೆಲ, ಜಲ, ಸಂಸ್ಕೃತಿಯ ಕಲೆಯಿದೆ, ದೇಶಪ್ರೇಮ, ಭಕ್ತಿ ಭಾವದ ವಾತ್ಸಲ್ಯವಿದೆ. ಇಂತಹ ಅರ್ಥಮಯ ಗ್ರಂಥದ ತಿರುಳನ್ನು ಪ್ರತಿಯೊಬ್ಬರೂ ಅಳವಡಿಸಿಕೊಳ್ಳುವ ಮೂಲಕ ಸಮಾಜದಲ್ಲಿ ಉತ್ತಮ ಜೀವನ ಸಾಗಿಸಬೇಕು ಎಂದರು. ಬದುಕಿನ ಸವಾಲುಗಳು, ಸಂಕಟಗಳು, ಅವಮಾನ, ಅಪಮಾನಗಳನ್ನು
ಅಕ್ಷಬಲದಿಂದ ಮೆಟ್ಟಿನಿಂತು ಸಾಧನೆಗೈದ ದಿವ್ಯ ಮಹಾನ್ಯರು, ಜಾತಿ-ಧರ್ಮದ ಹಂಗಿಲ್ಲದೆ ಮನುಷ್ಯ-ಮನುಷ್ಯರ ನಡುವಿನ ಸಂಬಂಧಗಳು ಕಾಯುತ್ತಿರುವ ಪ್ರಸ್ತುತ ದಿನಗಳಲ್ಲಿ, ಮಾನವೀಯ ಮೌಲ್ಯಗಳನ್ನು ಕಾವ್ಯದ ಮೂಲಕ ಉಣಬಡಿಸಿದ ಮಹರ್ಷಿ ವಾಲ್ಮೀಕಿ ಅವರ ಜೀವನ ನಮಗೆ ಆದರ್ಶವಾಗಿದೆ ಎಂದರು. ಈ ಸಂದರ್ಭದಲ್ಲಿ ಸಮಾಜದ ಮುಖಂಡರಾದ ಮಹೇಂದ್ರ ಉಂಡಿಕಟ್ಟಿಯವರ, ಎಂ.ಕೆ. ಟಮಾನ್, ವೀರಯ್ಯ ಮಿರವಣಿ, ಡಿ.ಕೆ. ಹೊಸಪ್ಪನವರ, ಆಶ್ರಯ ದಾಟನಾಯಕ, ರಾಜು ತಳವಾರ, ಶಿವಕುಮಾರಗೌಡ ಪಾಟೀಲ, ಕ್ಷೇತ್ರ ಶಿಕ್ಷಣಾಧಿಕಾರಿ ನಾಣಿಕ ನಾಯ್ಕ, ಪಿಎಸ್ಐ ಈಶ್ವರ ನಿತ್ತಿ, ಮುಖ್ಯಾಧಿಕಾರಿ ಸವಿತಾ ತಾಂಬ್ರ ಸೇರಿ ಸಮಾಜದ ಮುಖಂಡರು ಇದ್ದರು.
ಭೂತಾಯಿಗೆ ಚರಣ ಚೆಲ್ಲಿದ ಅನ್ನದಾತ
ಶಿರಹಟ್ಟಿ: ಶೀಗಿ ಹುಣ್ಣಿಮೆ ಪ್ರಯುಕ್ತ ಮಂಗಳವಾರ ರೈತ ಕುಟುಂಬದವರು ಹೊಲದತ್ತ ತೆರಳಿ ಭೂತಾಯಿಗೆ ಚರಗ ಚೆಲ್ಲಿ ನಮಿಸಿದರು. ಹೊಲದ ಭೂಮಿ ತಾಯಿ ಗರ್ಭ ಧರಿಸುತ್ತಾಳೆ ಎಂಬ ನಂಬಿಕೆ ರೈತ ಸಮುದಾಯದ್ದಾಗಿದೆ. ಗರ್ಭ ಧರಿಸಿದ ಭೂಮಿ ತಾಯಿಗೆ ಸೀಮಂತ ಕಾರ್ಯ ನೆರವೇರಿಸಿ ಅವಳ ಉಡಿಗೆ ಅನ್ನದ ಚರಗ ಚೆಲ್ಲುವ ಮೂಲಕ ಈ ಭಾಗದ ಅನ್ನದಾತರು ಹಿಗ್ಗಿ ಮೆರೆಯುವ ಶೀಗಿ ಹುಣ್ಣಿಮೆಯನ್ನು ಅತ್ಯಂತ ಅರ್ಥಪೂರ್ಣವಾಗಿ ಆಚರಿಸುತ್ತಾರೆ ಎಂದು ರೈತ ಸಮುದಾಯದವರು ಭಾವದಿಂದ ಹೇಳಿದರು.
ಎಲ್ಲೆಡೆ ಸಂಭ್ರಮದ ಶೀಗಿ ಹುಣ್ಣಿಮೆ
ಗದಗ: ಶೀಗಿ ಹುಣ್ಣಿಮೆ ಹಬ್ಬ ಎಂದರೆ ಉತ್ತರ ಕರ್ನಾಟಕದ ರೈತರ ಕುಟುಂಬಗಳಲ್ಲಿ ಎಲ್ಲಿಲ್ಲದ ಸಂಭ್ರಮ ಮನೆ ಮಾಡಿರುತ್ತದೆ. ಈ ವರ್ಷ ಅತಿವೃಷ್ಟಿಯಿಂದಾಗಿ ಮುಂಗಾರಿನ ಬೆಳೆಗಳು ಭೂಮಿಯಲ್ಲಿಯೇ ಕೊಳೆತು ಕೈಗೆ ಬಂದ ತುತ್ತು ಬಾಯಿಗೆ ಬರದಂತಾಗಿದ್ದರೂ ಸಹ ರೈತ ಸಮುದಾಯ ಸಂಪ್ರದಾಯದಂತೆ ಭೂತಾಯಿಗೆ ಉಡಿ ತುಂಬುವ ಶೀಗಿ ಹುಣ್ಣಿಮೆಯನ್ನು ಸಂಭ್ರಮದಿಂದ ಆಚರಿಸುವುದು ಎಲ್ಲೆಡೆ ಕಂಡು ಬಂದಿತು. ಜಿಲ್ಲೆಯ ಕೆಲವು ಭಾಗದಲ್ಲಿ ರೈತರು ಮಂಗಳವಾರ ಎತ್ತಿನ ಚಕ್ಕಡಿ, ಟ್ರ್ಯಾಕ್ಟರ್ ಮುಂತಾದ ವಾಹನಗಳನ್ನು ಶೃಂಗರಿಸಿ ಹೊಲಕ್ಕೆ ತೆರಳಿ ಅಲ್ಲಿ ಬನ್ನಿವೃಕ್ಷದ ಕೆಳಗೆ ಪಾಂಡವರನ್ನು ಪ್ರತಿಷ್ಠಾಪಿಸಿ ಪೂಜಿಸಿದರು. ನಂತರ ಭೂ ತಾಯಿಗೆ ಉಡಿ ತುಂಬಿ, ನೈವೇದ್ಯ ಮಾಡಿ, ಚರಗ ಚೆಲ್ಲಿದರು. ಈ ಶೀಗಿ ಹುಣ್ಣಿಮೆಗೆ ವಿಶೇಷವಾಗಿ ಎಳ್ಳು ಹೋಳಿಗೆ,
ಶೇಂಗಾ ಹೋಳಿಗೆ, ಉಂಡ ಗಡುಬು, ಕರ್ಚಿಕಾಯಿ, ಸಜ್ಜೆರೊಟ್ಟಿ, ಎಳ್ಳುಹಚ್ಚಿದ ರೊಟ್ಟಿ, ಮಂಡಿಪಲ್ಯೆ, ಶೇಂಗಾ ಚಟ್ನಿ, ಅಕ್ಕಿಹುಗ್ಗಿ, ಮಾರವ ಹಿಂಡಿ ಇತ್ಯಾದಿ ಭಕ್ಷ್ಯಗಳನ್ನು ತಯಾರಿಸಿ ಮನೆಯ ಮಂದಿಯ ಜೊತೆಗೆ ಸುತ್ತಮುತ್ತಲಿನ ಜನರನ್ನು ಕರೆದುಕೊಂಡು ಹೋಗಿ ಔತಣ ಮಾಡುತ್ತಾರೆ. ಪ್ರಸ್ತುತ ವರ್ಷ ವಿಪರೀತ ಮಳೆ ಸುರಿದಿದ್ದರಿಂದ ಹೆಸರು, ಶೇಂಗಾ, ಸೂರ್ಯಕಾಂತಿ, ಮೆಕ್ಕೆಜೋಳ, ಉಳ್ಳಾಗಡ್ಡಿ, ಹತ್ತಿ, ಮೆಣಸಿನಕಾಯಿ ಎಲ್ಲ ಮುಂಗಾರಿನ ಬೆಳೆಗಳು ಹಾಳಾಗಿವೆ. ಇನ್ನು ಮುಂದಿನ ಹಿಂಗಾರಿ ಬೆಳೆಗಾದರೂ ಜೋಳ, ಕಡಲೆ, ಗೋದಿಯಾದರೂ ಚೆನ್ನಾಗಿ ಬೆಳೆಯಲೆಂದು ರೈತರು ಭೂಮಿತಾಯಿಯನ್ನು ಪ್ರಾರ್ಥಿಸಿದರು.
ಕುಡು ಒಕ್ಕಲಿಗ ಎಂದು ನಮೂದಿಸಿ
ಗದಗ: ಪ್ರಸ್ತುತ ನಡೆಯುತ್ತಿರುವ ಜಾತಿ ಜನಗಣತಿಯ ಸಾಮಾಜಿಕ ಹಾಗೂ ಶೈಕ್ಷಣಿಕ ಸಮೀಕ್ಷೆಯಲ್ಲಿ ಕುಡು ಒಕ್ಕಲಿಗರು ಜಾತಿ ಕಾಲಂನಲ್ಲಿ ಒಕ್ಕಲಿಗ, ಉಪಜಾತಿ ಕಾಲಂನಲ್ಲಿ ಕುಡು ಒಕ್ಕಲಿಗ ಎಂದು ನಮೂದಿಸಬೇಕು ಎಂದು ರಾಜ್ಯ ಒಕ್ಕಲಿಗರ ಮೀಸಲಾತಿ ಹೋರಾಟ ಸಮಿತಿ ಪ್ರಧಾನ ಸಂಚಾಲಕ ಆರಿಟೇರ್ ನಾಗರಾಜ ಯಲಚಿಪಾಡಿ ಹೇಳಿದರು. ನಗರದ ಪತ್ರಿಕಾ ಭವನದಲ್ಲಿ ನಡೆದ ಸುದ್ದಿಗೋಷ್ಠಿಯಲ್ಲಿ ಮಾತನಾಡಿದ ಅವರು, ರೈತ ಸಮುದಾಯವು ಲಿಂಗಾಯತ, ಹಿಂದು ಲಿಂಗವಂತ, ಲಿಂಗಾಯತ ಕುಡು ಒಕ್ಕಲಿಗರು, ವೀರಶೈವ ಕುಡು ಒಕ್ಕಲಿಗ, ದಿಕ್ಕ ಕುಡು ಒಕ್ಕಲಿಗ ಸಮಾಜವು ಹಲವಾರು ವಂಶಗಳಾಗಿ ಶಾಲಾ ದಾಖಲಾತಿಯಲ್ಲಿ ನಮೂದಿಸಲಾಗಿದೆ. ಕುಡು ಒಕ್ಕಲಿಗ ಸಮಾಜವು ಆರ್ಥಿಕ, ಶೈಕ್ಷಣಿಕ, ಸಾಮಾಜಿಕ ಹಾಗೂ ರಾಜಕೀಯವಾಗಿ ಕರ್ನಾಟಕದ ಉತ್ತರ ಭಾಗದಲ್ಲಿ ಯಾವುದೇ ಪ್ರಾತಿನಿಧ್ಯ ಹೊಂದಿಲ್ಲ, ಶಾಸಕಾಂಗ, ನ್ಯಾಯಾಂಗ, ಕಾರ್ಯಾಂಗದಲ್ಲಿ ಉನ್ನತ ಹುದ್ದೆ ಪಡೆದಿಲ್ಲ, ನಮ್ಮ ಸಮಾಜವನ್ನು ಒಕ್ಕಲಿಗ 3ಎ ವರ್ಗಕ್ಕೆ ಸೇರಿಸಿ ಎಂದು 2022ರಂದು ಜಯಪ್ರಕಾಶ ಹೆಗ್ಡೆ ನೇತೃತ್ವದ ಹಿಂದುಳಿದ ಶಾಶ್ವತ ಆಯೋಗಕ್ಕೆ ಮನವಿ ಸಲ್ಲಿಸಲಾಗಿತ್ತು. ಆ ಮನವಿ ಪ್ರಕಾರ ನಮ್ಮ ಸಮಾಜದವರನ್ನು ಕುಡು ಒಕ್ಕಲಿಗ ಸಮಾಜವೆಂದು ಗುರುತಿಸಬೇಕಾಗಿದೆ ಎಂದರು. ಸುದ್ದಿಗೋಷ್ಠಿಯಲ್ಲಿ ಪಿ.ಎಸ್. ಸಾವಣಗಿ, ಶರಣಪ್ಪ ರಾಚಿ, ಶಿವರಾಜ ಕಳ್ಳಿಮನಿ, ಹನಮಂತ ನೆಗಳೂರ, ಸಿದ್ದು ರಾಗಿ, ಎಚ್.ಜಿ. ಗೊಜನೂರ ಇದ್ದರು.
ಮಹರ್ಷಿ ವಾಲ್ಮೀಕಿ ತತ್ವಾದರ್ಶ ಪಾಲಿಸಿ
ನರಗುಂದ: ತಾಲೂಕಿನ ಕೊಣ್ಣೂರ ಕೆಎಲ್ಇ ಸಂಯುಕ್ತ ಪದವಿಪೂರ್ವ ಮಹಾವಿದ್ಯಾಲಯ ಹಾಗೂ ರಾಷ್ಟ್ರೀಯ ಸೇವಾ ಯೋಜನೆ ಘಟಕದ ಸಹಭಾಗಿತ್ವದಲ್ಲಿ ಕಾಲೇಜಿನ ಸಭಾ ಭವನದಲ್ಲಿ ಮಹರ್ಷಿ ವಾಲ್ಮೀಕಿ ಜಯಂತಿಯನ್ನು ಆಚರಿಸಲಾಯಿತು. ಕಾರ್ಯಕ್ರಮದ ಅಧ್ಯಕ್ಷತೆ ವಹಿಸಿದ ಪ್ರಾಚಾರ್ಯ ಕೆ.ಎಂ. ಮಾಳಣ್ಣನವರ ಮಾತನಾಡಿ, ಮಹರ್ಷಿ ವಾಲ್ಮೀಕಿಯವರ ತತ್ವ ಆದರ್ಶಗಳನ್ನು ವಿದ್ಯಾರ್ಥಿಗಳು ತಮ್ಮ ಜೀವನದಲ್ಲಿ ಅಳವಡಿಸಿಕೊಂಡು ರಾಮಾಯಣದಂತೆ ಮೌಲ್ಯಯುತ ಬದುಕನ್ನು ನಡೆಸಬೇಕು ಎಂದರು.
ಇತಿಹಾಸ ಉಪನ್ಯಾಸಕ ಎ.ಕೆ. ಬಂಡಗರ ಮಾತನಾಡಿ, ನಾರದ ಮಹರ್ಷಿಗಳ ಪ್ರಭಾವದಿಂದ ಪ್ರೇರೇಪಿತವಾಗಿ ರತ್ನಾಕರ ಎಂಬ ವ್ಯಕ್ತಿ ಹೇಗೆ ವಾಲ್ಮೀಕಿ ಆದರು ಎಂಬುದನ್ನು ವಾಲ್ಮೀಕಿಯ ಜೀವನ ಚರಿತ್ರೆಯ ಕುರಿತು ಸವಿಸ್ತಾರವಾಗಿ ತಮ್ಮ ಉಪನ್ಯಾಸದಲ್ಲಿ ತಿಳಿಸಿದರು. ಕಾರ್ಯಕ್ರಮದಲ್ಲಿ ಎಚ್.ಎಸ್. ಶಿವಮೂರ್ತಿಯವರ, ಎಂ.ಡಿ. ಚಲವಾದಿ, ಬಿ.ಎಚ್. ಕಳಕಾರ, ಎಸ್.ಎಂ. ಸಜ್ಜನ, ಆರ್.ಎಂ. ಏಕಶಿಟ್ಟಿ ನಿರ್ವಹಿಸಿದರು.
